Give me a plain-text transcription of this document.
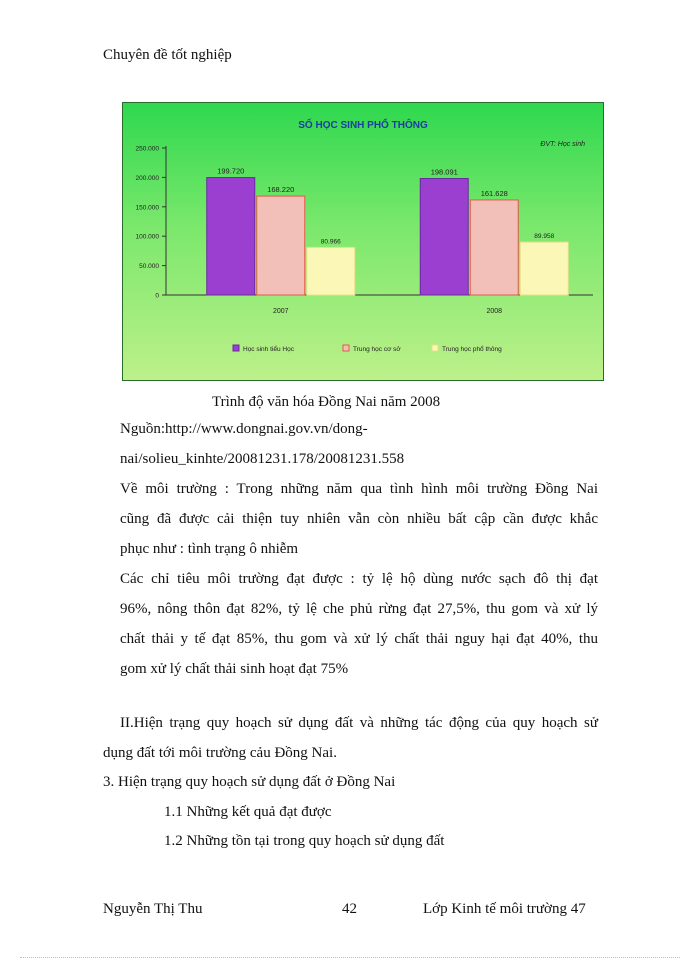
Chuyên đề tốt nghiệp
SỐ HỌC SINH PHỔ THÔNG
ĐVT: Học sinh
0
50.000
100.000
150.000
200.000
250.000
199.720
168.220
80.966
2007
198.091
161.628
89.958
2008
Học sinh tiểu Học	Trung học cơ sở	Trung học phổ thông
Trình độ văn hóa Đồng Nai năm 2008
Nguồn:http://www.dongnai.gov.vn/dong-
nai/solieu_kinhte/20081231.178/20081231.558
Về môi trường : Trong những năm qua tình hình môi trường Đồng Nai
cũng đã được cải thiện tuy nhiên vẫn còn nhiều bất cập cần được khắc
phục như : tình trạng ô nhiễm
Các chỉ tiêu môi trường đạt được : tỷ lệ hộ dùng nước sạch đô thị đạt
96%, nông thôn đạt 82%, tỷ lệ che phủ rừng đạt 27,5%, thu gom và xử lý
chất thải y tế đạt 85%, thu gom và xử lý chất thải nguy hại đạt 40%, thu
gom xử lý chất thải sinh hoạt đạt 75%
II.Hiện trạng quy hoạch sử dụng đất và những tác động của quy hoạch sử
dụng đất tới môi trường cảu Đồng Nai.
3. Hiện trạng quy hoạch sử dụng đất ở Đồng Nai
1.1 Những kết quả đạt được
1.2 Những tồn tại trong quy hoạch sử dụng đất
Nguyễn Thị Thu	42	Lớp Kinh tế môi trường 47
